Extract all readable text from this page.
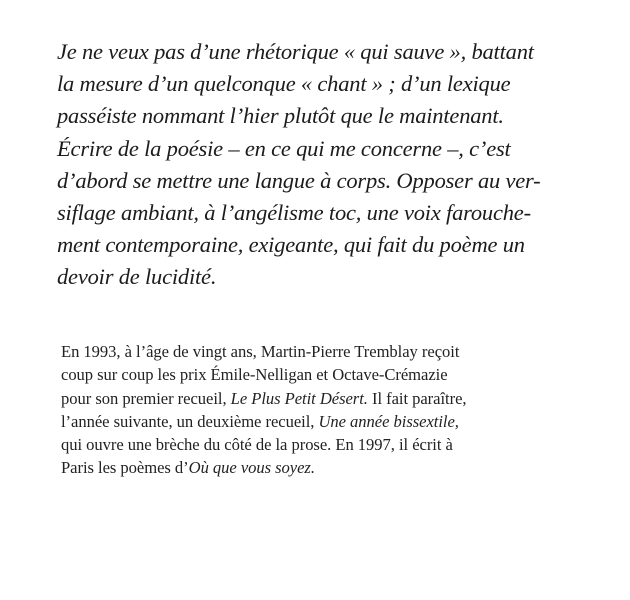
Je ne veux pas d’une rhétorique « qui sauve », battant
la mesure d’un quelconque « chant » ; d’un lexique
passéiste nommant l’hier plutôt que le maintenant.
Écrire de la poésie – en ce qui me concerne –, c’est
d’abord se mettre une langue à corps. Opposer au ver-
siflage ambiant, à l’angélisme toc, une voix farouche-
ment contemporaine, exigeante, qui fait du poème un
devoir de lucidité.
En 1993, à l’âge de vingt ans, Martin-Pierre Tremblay reçoit
coup sur coup les prix Émile-Nelligan et Octave-Crémazie
pour son premier recueil, Le Plus Petit Désert. Il fait paraître,
l’année suivante, un deuxième recueil, Une année bissextile,
qui ouvre une brèche du côté de la prose. En 1997, il écrit à
Paris les poèmes d’Où que vous soyez.
